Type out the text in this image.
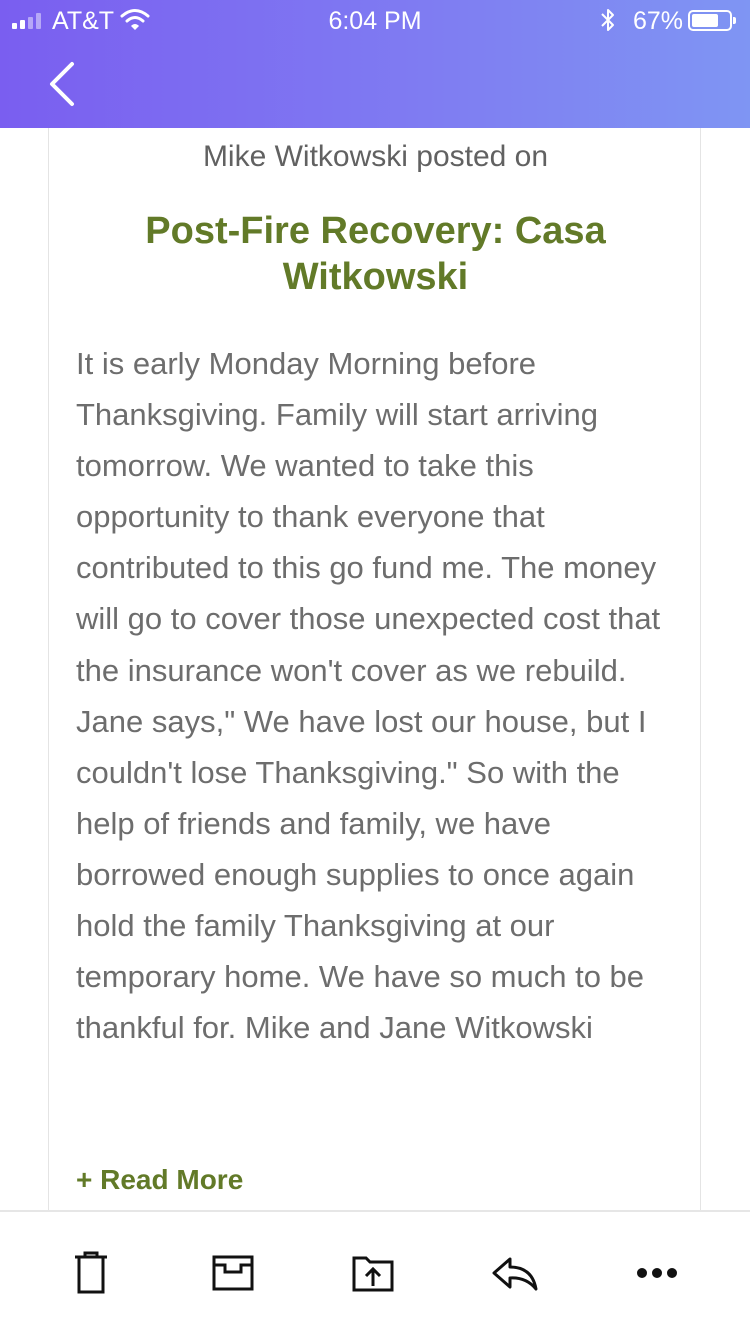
AT&T	6:04 PM	67%
Mike Witkowski posted on
Post-Fire Recovery: Casa Witkowski
It is early Monday Morning before Thanksgiving. Family will start arriving tomorrow. We wanted to take this opportunity to thank everyone that contributed to this go fund me. The money will go to cover those unexpected cost that the insurance won't cover as we rebuild. Jane says," We have lost our house, but I couldn't lose Thanksgiving." So with the help of friends and family, we have borrowed enough supplies to once again hold the family Thanksgiving at our temporary home. We have so much to be thankful for. Mike and Jane Witkowski
+ Read More
